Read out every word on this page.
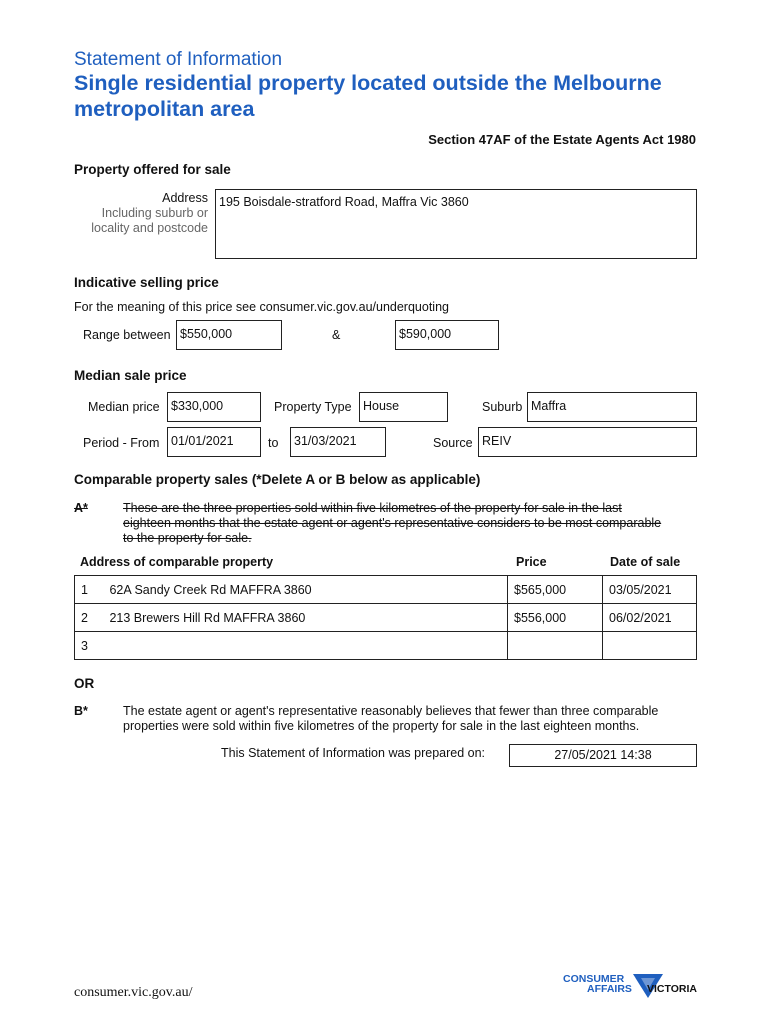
Statement of Information
Single residential property located outside the Melbourne metropolitan area
Section 47AF of the Estate Agents Act 1980
Property offered for sale
Address
Including suburb or
locality and postcode
195 Boisdale-stratford Road, Maffra Vic 3860
Indicative selling price
For the meaning of this price see consumer.vic.gov.au/underquoting
Range between $550,000	&	$590,000
Median sale price
Median price $330,000	Property Type House	Suburb Maffra
Period - From 01/01/2021	to	31/03/2021	Source REIV
Comparable property sales (*Delete A or B below as applicable)
A*	These are the three properties sold within five kilometres of the property for sale in the last
eighteen months that the estate agent or agent's representative considers to be most comparable
to the property for sale.
Address of comparable property	Price	Date of sale
1 62A Sandy Creek Rd MAFFRA 3860	$565,000	03/05/2021
2 213 Brewers Hill Rd MAFFRA 3860	$556,000	06/02/2021
3		
OR
B*	The estate agent or agent's representative reasonably believes that fewer than three comparable
properties were sold within five kilometres of the property for sale in the last eighteen months.
This Statement of Information was prepared on:	27/05/2021 14:38
consumer.vic.gov.au/
CONSUMER
AFFAIRS VICTORIA
